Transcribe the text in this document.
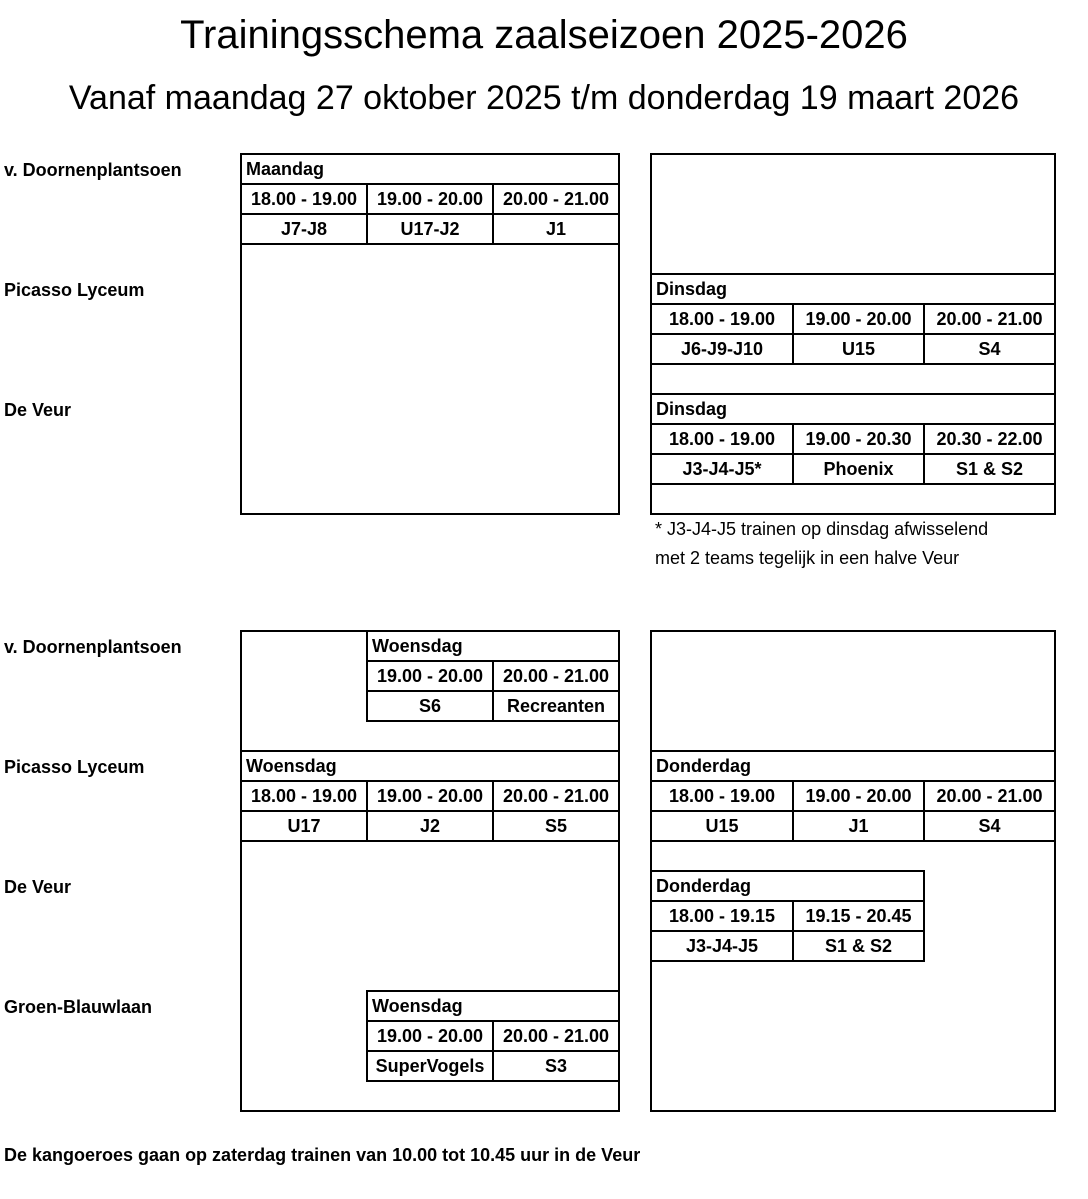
Trainingsschema zaalseizoen 2025-2026
Vanaf maandag 27 oktober 2025 t/m donderdag 19 maart 2026
v. Doornenplantsoen
Picasso Lyceum
De Veur
Maandag
18.00 - 19.00	19.00 - 20.00	20.00 - 21.00
J7-J8	U17-J2	J1
Dinsdag
18.00 - 19.00	19.00 - 20.00	20.00 - 21.00
J6-J9-J10	U15	S4
Dinsdag
18.00 - 19.00	19.00 - 20.30	20.30 - 22.00
J3-J4-J5*	Phoenix	S1 & S2
* J3-J4-J5 trainen op dinsdag afwisselend
met 2 teams tegelijk in een halve Veur
v. Doornenplantsoen
Picasso Lyceum
De Veur
Groen-Blauwlaan
Woensdag
19.00 - 20.00	20.00 - 21.00
S6	Recreanten
Woensdag
18.00 - 19.00	19.00 - 20.00	20.00 - 21.00
U17	J2	S5
Woensdag
19.00 - 20.00	20.00 - 21.00
SuperVogels	S3
Donderdag
18.00 - 19.00	19.00 - 20.00	20.00 - 21.00
U15	J1	S4
Donderdag
18.00 - 19.15	19.15 - 20.45
J3-J4-J5	S1 & S2
De kangoeroes gaan op zaterdag trainen van 10.00 tot 10.45 uur in de Veur
